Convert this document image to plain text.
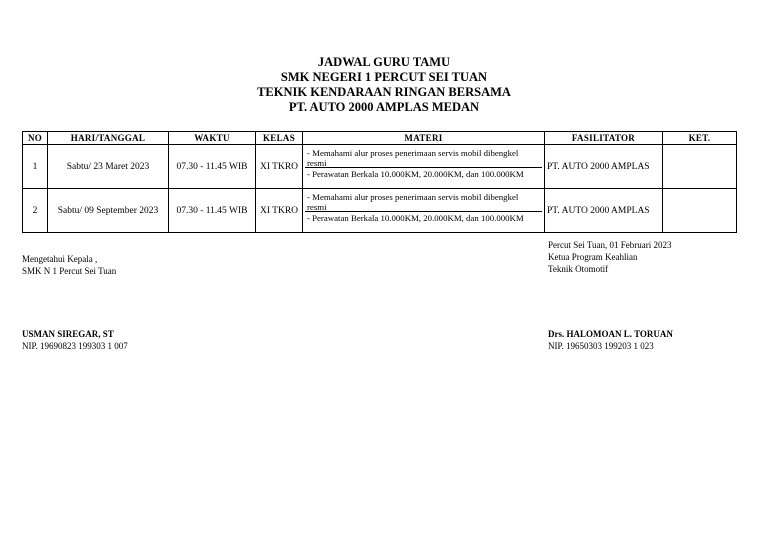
JADWAL GURU TAMU
SMK NEGERI 1 PERCUT SEI TUAN
TEKNIK KENDARAAN RINGAN BERSAMA
PT. AUTO 2000 AMPLAS MEDAN
NO	HARI/TANGGAL	WAKTU	KELAS	MATERI	FASILITATOR	KET.
1	Sabtu/ 23 Maret 2023	07.30 - 11.45 WIB	XI TKRO	- Memahami alur proses penerimaan servis mobil dibengkel resmi
- Perawatan Berkala 10.000KM, 20.000KM, dan 100.000KM	PT. AUTO 2000 AMPLAS	
2	Sabtu/ 09 September 2023	07.30 - 11.45 WIB	XI TKRO	- Memahami alur proses penerimaan servis mobil dibengkel resmi
- Perawatan Berkala 10.000KM, 20.000KM, dan 100.000KM	PT. AUTO 2000 AMPLAS	
Percut Sei Tuan, 01 Februari 2023
Ketua Program Keahlian
Teknik Otomotif
Mengetahui Kepala ,
SMK N 1 Percut Sei Tuan
USMAN SIREGAR, ST
NIP. 19690823 199303 1 007
Drs. HALOMOAN L. TORUAN
NIP. 19650303 199203 1 023
